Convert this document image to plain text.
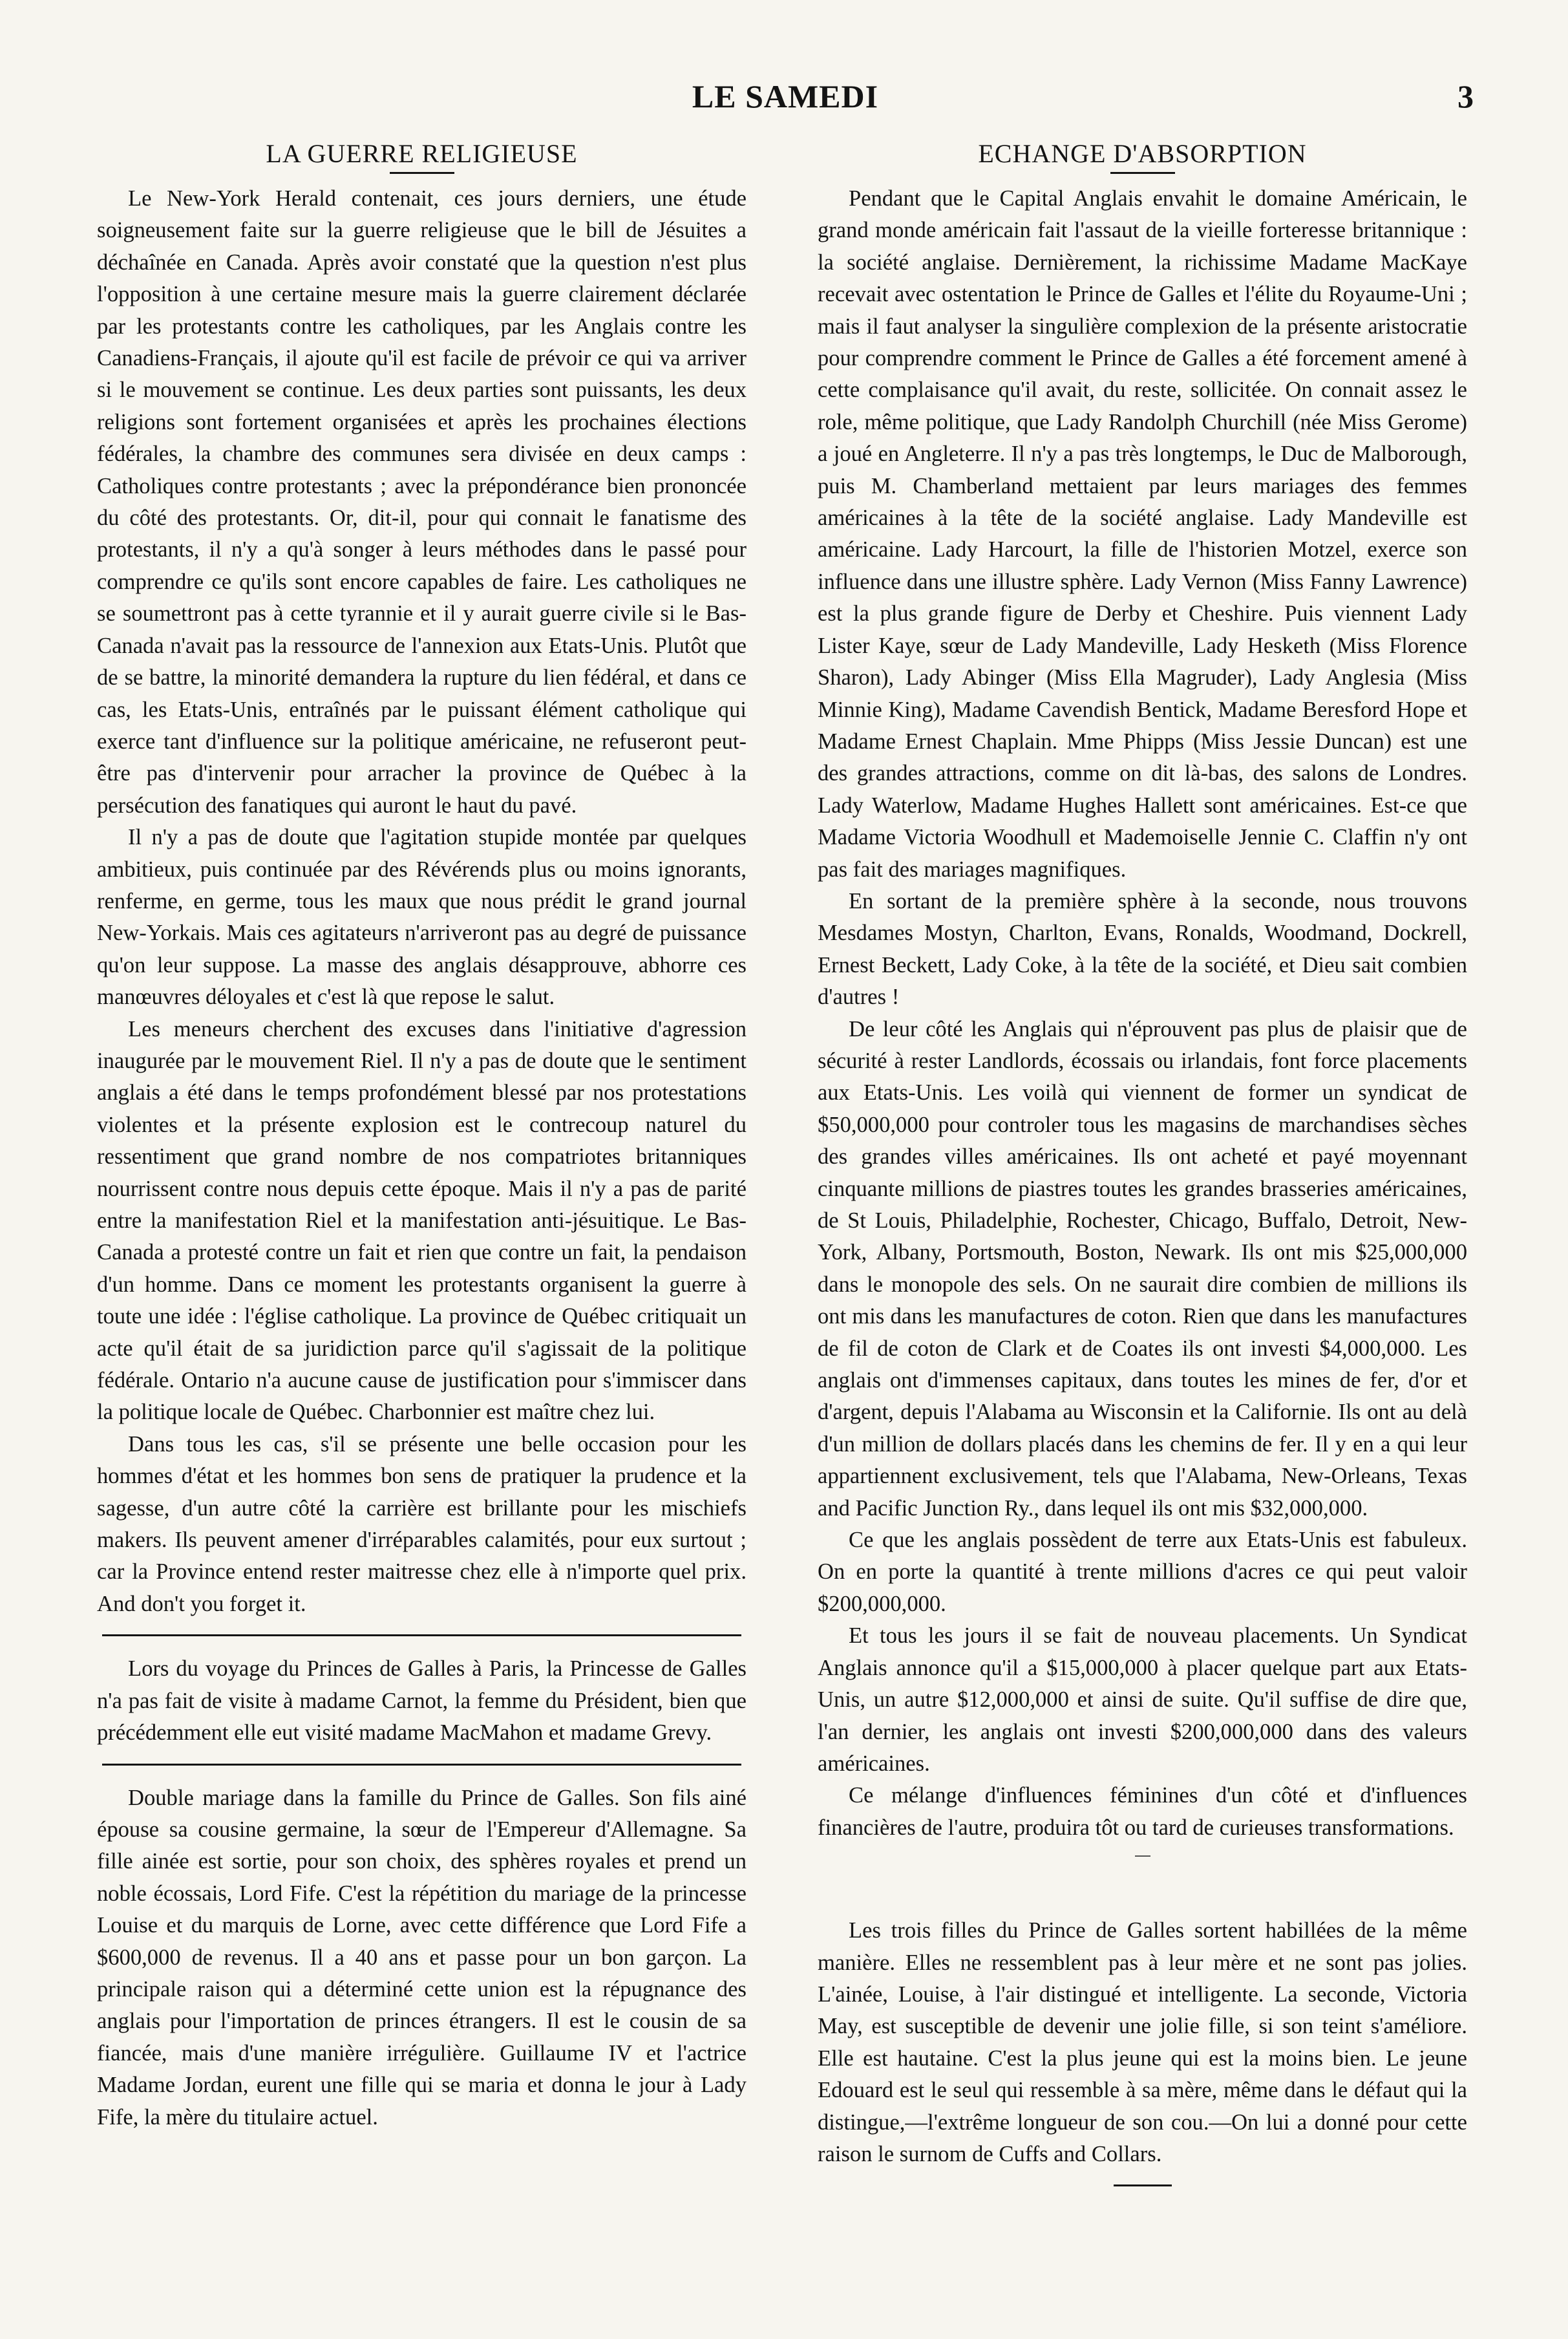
LE SAMEDI	3
LA GUERRE RELIGIEUSE

Le New-York Herald contenait, ces jours derniers, une étude soigneusement faite sur la guerre religieuse que le bill de Jésuites a déchaînée en Canada. Après avoir constaté que la question n'est plus l'opposition à une certaine mesure mais la guerre clairement déclarée par les protestants contre les catholiques, par les Anglais contre les Canadiens-Français, il ajoute qu'il est facile de prévoir ce qui va arriver si le mouvement se continue. Les deux parties sont puissants, les deux religions sont fortement organisées et après les prochaines élections fédérales, la chambre des communes sera divisée en deux camps : Catholiques contre protestants ; avec la prépondérance bien prononcée du côté des protestants. Or, dit-il, pour qui connait le fanatisme des protestants, il n'y a qu'à songer à leurs méthodes dans le passé pour comprendre ce qu'ils sont encore capables de faire. Les catholiques ne se soumettront pas à cette tyrannie et il y aurait guerre civile si le Bas-Canada n'avait pas la ressource de l'annexion aux Etats-Unis. Plutôt que de se battre, la minorité demandera la rupture du lien fédéral, et dans ce cas, les Etats-Unis, entraînés par le puissant élément catholique qui exerce tant d'influence sur la politique américaine, ne refuseront peut-être pas d'intervenir pour arracher la province de Québec à la persécution des fanatiques qui auront le haut du pavé.

Il n'y a pas de doute que l'agitation stupide montée par quelques ambitieux, puis continuée par des Révérends plus ou moins ignorants, renferme, en germe, tous les maux que nous prédit le grand journal New-Yorkais. Mais ces agitateurs n'arriveront pas au degré de puissance qu'on leur suppose. La masse des anglais désapprouve, abhorre ces manœuvres déloyales et c'est là que repose le salut.

Les meneurs cherchent des excuses dans l'initiative d'agression inaugurée par le mouvement Riel. Il n'y a pas de doute que le sentiment anglais a été dans le temps profondément blessé par nos protestations violentes et la présente explosion est le contrecoup naturel du ressentiment que grand nombre de nos compatriotes britanniques nourrissent contre nous depuis cette époque. Mais il n'y a pas de parité entre la manifestation Riel et la manifestation anti-jésuitique. Le Bas-Canada a protesté contre un fait et rien que contre un fait, la pendaison d'un homme. Dans ce moment les protestants organisent la guerre à toute une idée : l'église catholique. La province de Québec critiquait un acte qu'il était de sa juridiction parce qu'il s'agissait de la politique fédérale. Ontario n'a aucune cause de justification pour s'immiscer dans la politique locale de Québec. Charbonnier est maître chez lui.

Dans tous les cas, s'il se présente une belle occasion pour les hommes d'état et les hommes bon sens de pratiquer la prudence et la sagesse, d'un autre côté la carrière est brillante pour les mischiefs makers. Ils peuvent amener d'irréparables calamités, pour eux surtout ; car la Province entend rester maitresse chez elle à n'importe quel prix. And don't you forget it.

Lors du voyage du Princes de Galles à Paris, la Princesse de Galles n'a pas fait de visite à madame Carnot, la femme du Président, bien que précédemment elle eut visité madame MacMahon et madame Grevy.

Double mariage dans la famille du Prince de Galles. Son fils ainé épouse sa cousine germaine, la sœur de l'Empereur d'Allemagne. Sa fille ainée est sortie, pour son choix, des sphères royales et prend un noble écossais, Lord Fife. C'est la répétition du mariage de la princesse Louise et du marquis de Lorne, avec cette différence que Lord Fife a $600,000 de revenus. Il a 40 ans et passe pour un bon garçon. La principale raison qui a déterminé cette union est la répugnance des anglais pour l'importation de princes étrangers. Il est le cousin de sa fiancée, mais d'une manière irrégulière. Guillaume IV et l'actrice Madame Jordan, eurent une fille qui se maria et donna le jour à Lady Fife, la mère du titulaire actuel.

ECHANGE D'ABSORPTION

Pendant que le Capital Anglais envahit le domaine Américain, le grand monde américain fait l'assaut de la vieille forteresse britannique : la société anglaise. Dernièrement, la richissime Madame MacKaye recevait avec ostentation le Prince de Galles et l'élite du Royaume-Uni ; mais il faut analyser la singulière complexion de la présente aristocratie pour comprendre comment le Prince de Galles a été forcement amené à cette complaisance qu'il avait, du reste, sollicitée. On connait assez le role, même politique, que Lady Randolph Churchill (née Miss Gerome) a joué en Angleterre. Il n'y a pas très longtemps, le Duc de Malborough, puis M. Chamberland mettaient par leurs mariages des femmes américaines à la tête de la société anglaise. Lady Mandeville est américaine. Lady Harcourt, la fille de l'historien Motzel, exerce son influence dans une illustre sphère. Lady Vernon (Miss Fanny Lawrence) est la plus grande figure de Derby et Cheshire. Puis viennent Lady Lister Kaye, sœur de Lady Mandeville, Lady Hesketh (Miss Florence Sharon), Lady Abinger (Miss Ella Magruder), Lady Anglesia (Miss Minnie King), Madame Cavendish Bentick, Madame Beresford Hope et Madame Ernest Chaplain. Mme Phipps (Miss Jessie Duncan) est une des grandes attractions, comme on dit là-bas, des salons de Londres. Lady Waterlow, Madame Hughes Hallett sont américaines. Est-ce que Madame Victoria Woodhull et Mademoiselle Jennie C. Claffin n'y ont pas fait des mariages magnifiques.

En sortant de la première sphère à la seconde, nous trouvons Mesdames Mostyn, Charlton, Evans, Ronalds, Woodmand, Dockrell, Ernest Beckett, Lady Coke, à la tête de la société, et Dieu sait combien d'autres !

De leur côté les Anglais qui n'éprouvent pas plus de plaisir que de sécurité à rester Landlords, écossais ou irlandais, font force placements aux Etats-Unis. Les voilà qui viennent de former un syndicat de $50,000,000 pour controler tous les magasins de marchandises sèches des grandes villes américaines. Ils ont acheté et payé moyennant cinquante millions de piastres toutes les grandes brasseries américaines, de St Louis, Philadelphie, Rochester, Chicago, Buffalo, Detroit, New-York, Albany, Portsmouth, Boston, Newark. Ils ont mis $25,000,000 dans le monopole des sels. On ne saurait dire combien de millions ils ont mis dans les manufactures de coton. Rien que dans les manufactures de fil de coton de Clark et de Coates ils ont investi $4,000,000. Les anglais ont d'immenses capitaux, dans toutes les mines de fer, d'or et d'argent, depuis l'Alabama au Wisconsin et la Californie. Ils ont au delà d'un million de dollars placés dans les chemins de fer. Il y en a qui leur appartiennent exclusivement, tels que l'Alabama, New-Orleans, Texas and Pacific Junction Ry., dans lequel ils ont mis $32,000,000.

Ce que les anglais possèdent de terre aux Etats-Unis est fabuleux. On en porte la quantité à trente millions d'acres ce qui peut valoir $200,000,000.

Et tous les jours il se fait de nouveau placements. Un Syndicat Anglais annonce qu'il a $15,000,000 à placer quelque part aux Etats-Unis, un autre $12,000,000 et ainsi de suite. Qu'il suffise de dire que, l'an dernier, les anglais ont investi $200,000,000 dans des valeurs américaines.

Ce mélange d'influences féminines d'un côté et d'influences financières de l'autre, produira tôt ou tard de curieuses transformations.

Les trois filles du Prince de Galles sortent habillées de la même manière. Elles ne ressemblent pas à leur mère et ne sont pas jolies. L'ainée, Louise, à l'air distingué et intelligente. La seconde, Victoria May, est susceptible de devenir une jolie fille, si son teint s'améliore. Elle est hautaine. C'est la plus jeune qui est la moins bien. Le jeune Edouard est le seul qui ressemble à sa mère, même dans le défaut qui la distingue,—l'extrême longueur de son cou.—On lui a donné pour cette raison le surnom de Cuffs and Collars.
